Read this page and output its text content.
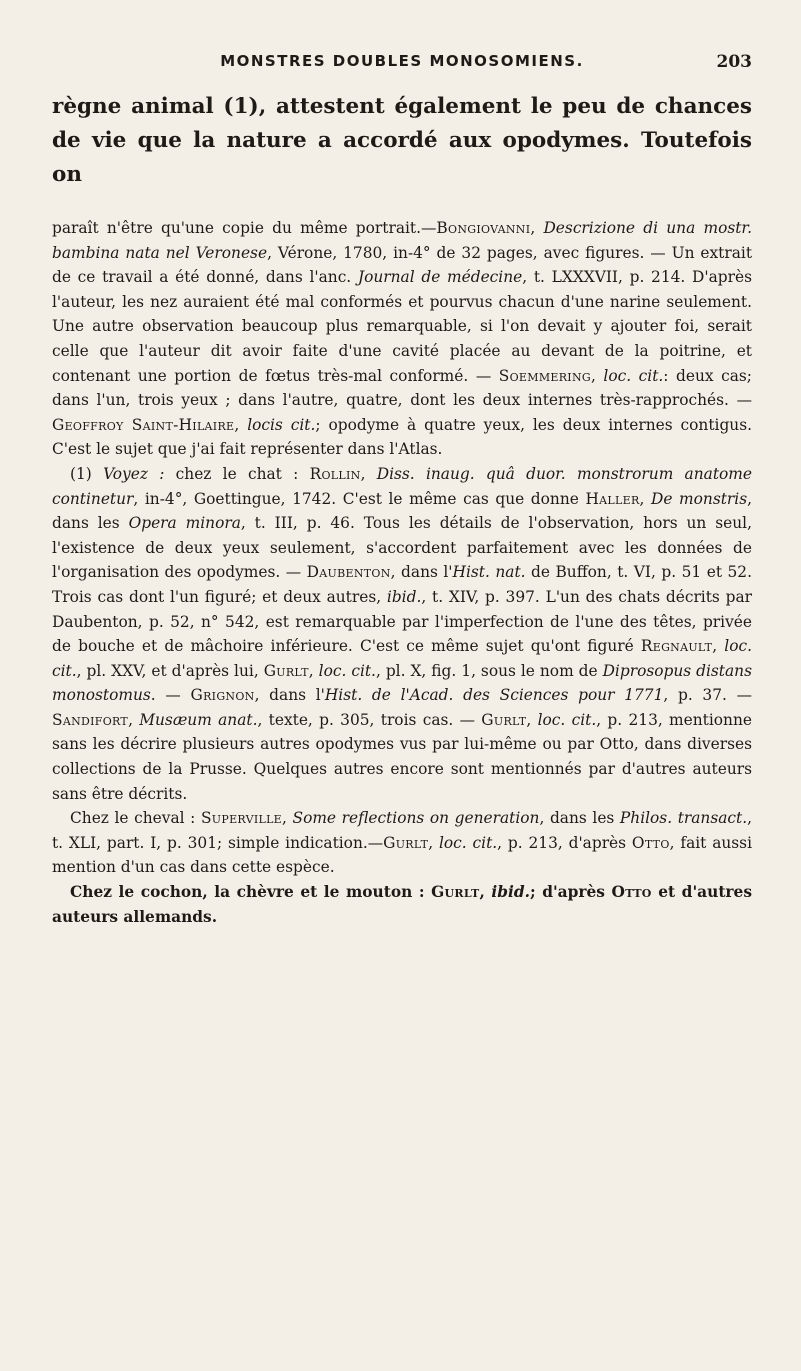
MONSTRES DOUBLES MONOSOMIENS.	203

règne animal (1), attestent également le peu de chances de vie que la nature a accordé aux opodymes. Toutefois on

paraît n'être qu'une copie du même portrait.—Bongiovanni, Descrizione di una mostr. bambina nata nel Veronese, Vérone, 1780, in-4° de 32 pages, avec figures. — Un extrait de ce travail a été donné, dans l'anc. Journal de médecine, t. LXXXVII, p. 214. D'après l'auteur, les nez auraient été mal conformés et pourvus chacun d'une narine seulement. Une autre observation beaucoup plus remarquable, si l'on devait y ajouter foi, serait celle que l'auteur dit avoir faite d'une cavité placée au devant de la poitrine, et contenant une portion de fœtus très-mal conformé. — Soemmering, loc. cit.: deux cas; dans l'un, trois yeux ; dans l'autre, quatre, dont les deux internes très-rapprochés. — Geoffroy Saint-Hilaire, locis cit.; opodyme à quatre yeux, les deux internes contigus. C'est le sujet que j'ai fait représenter dans l'Atlas.

(1) Voyez : chez le chat : Rollin, Diss. inaug. quâ duor. monstrorum anatome continetur, in-4°, Goettingue, 1742. C'est le même cas que donne Haller, De monstris, dans les Opera minora, t. III, p. 46. Tous les détails de l'observation, hors un seul, l'existence de deux yeux seulement, s'accordent parfaitement avec les données de l'organisation des opodymes. — Daubenton, dans l'Hist. nat. de Buffon, t. VI, p. 51 et 52. Trois cas dont l'un figuré; et deux autres, ibid., t. XIV, p. 397. L'un des chats décrits par Daubenton, p. 52, n° 542, est remarquable par l'imperfection de l'une des têtes, privée de bouche et de mâchoire inférieure. C'est ce même sujet qu'ont figuré Regnault, loc. cit., pl. XXV, et d'après lui, Gurlt, loc. cit., pl. X, fig. 1, sous le nom de Diprosopus distans monostomus. — Grignon, dans l'Hist. de l'Acad. des Sciences pour 1771, p. 37. — Sandifort, Musæum anat., texte, p. 305, trois cas. — Gurlt, loc. cit., p. 213, mentionne sans les décrire plusieurs autres opodymes vus par lui-même ou par Otto, dans diverses collections de la Prusse. Quelques autres encore sont mentionnés par d'autres auteurs sans être décrits.

Chez le cheval : Superville, Some reflections on generation, dans les Philos. transact., t. XLI, part. I, p. 301; simple indication.—Gurlt, loc. cit., p. 213, d'après Otto, fait aussi mention d'un cas dans cette espèce.

Chez le cochon, la chèvre et le mouton : Gurlt, ibid.; d'après Otto et d'autres auteurs allemands.
